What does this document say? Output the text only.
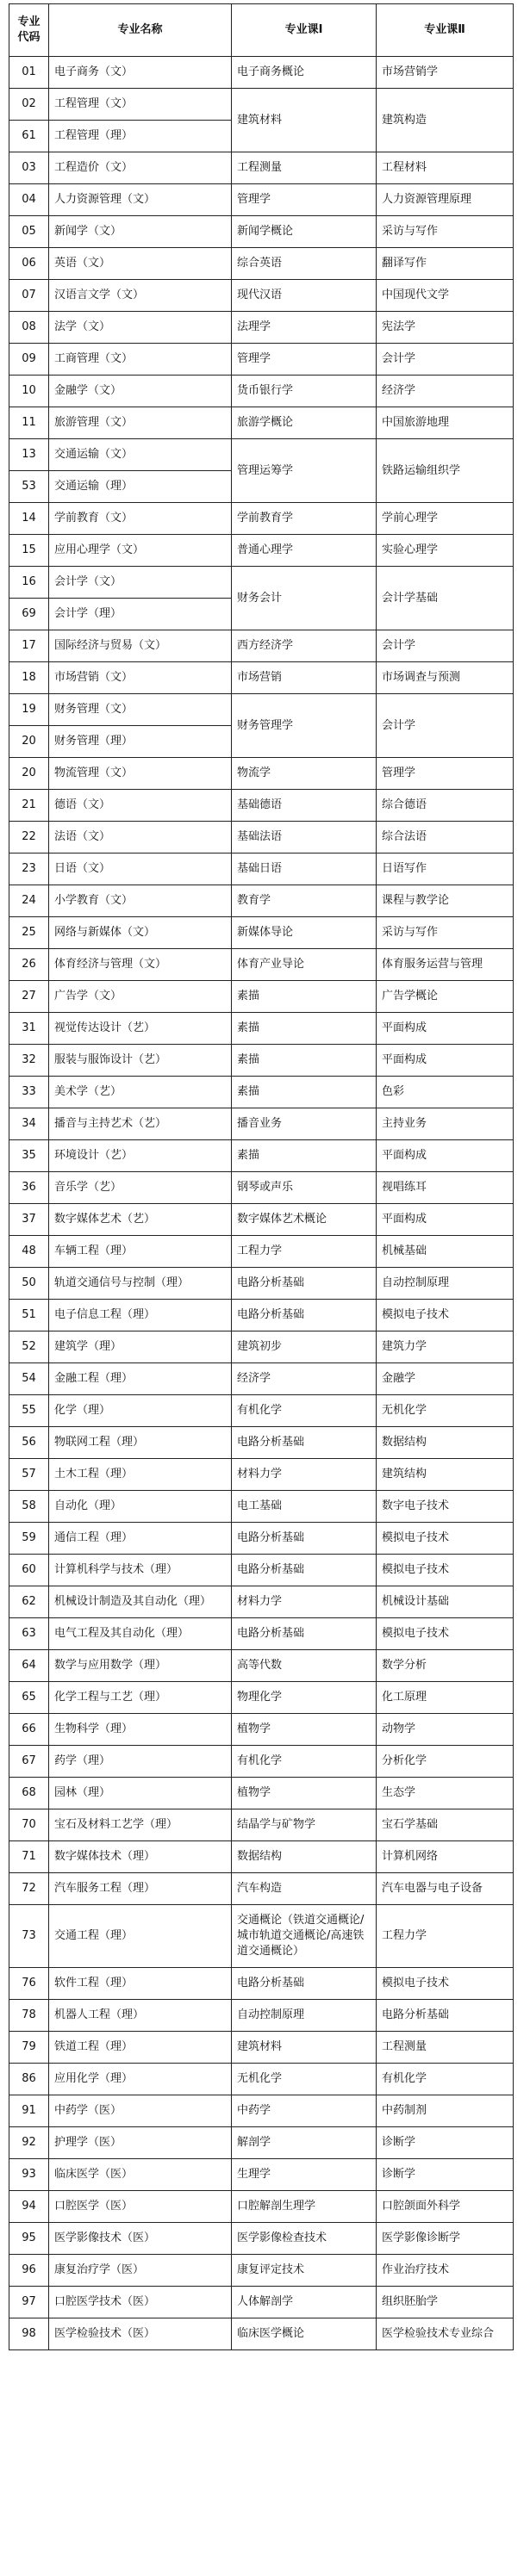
专业代码	专业名称	专业课Ⅰ	专业课Ⅱ
01	电子商务（文）	电子商务概论	市场营销学
02	工程管理（文）	建筑材料	建筑构造
61	工程管理（理）		
03	工程造价（文）	工程测量	工程材料
04	人力资源管理（文）	管理学	人力资源管理原理
05	新闻学（文）	新闻学概论	采访与写作
06	英语（文）	综合英语	翻译写作
07	汉语言文学（文）	现代汉语	中国现代文学
08	法学（文）	法理学	宪法学
09	工商管理（文）	管理学	会计学
10	金融学（文）	货币银行学	经济学
11	旅游管理（文）	旅游学概论	中国旅游地理
13	交通运输（文）	管理运筹学	铁路运输组织学
53	交通运输（理）		
14	学前教育（文）	学前教育学	学前心理学
15	应用心理学（文）	普通心理学	实验心理学
16	会计学（文）	财务会计	会计学基础
69	会计学（理）		
17	国际经济与贸易（文）	西方经济学	会计学
18	市场营销（文）	市场营销	市场调查与预测
19	财务管理（文）	财务管理学	会计学
20	财务管理（理）		
20	物流管理（文）	物流学	管理学
21	德语（文）	基础德语	综合德语
22	法语（文）	基础法语	综合法语
23	日语（文）	基础日语	日语写作
24	小学教育（文）	教育学	课程与教学论
25	网络与新媒体（文）	新媒体导论	采访与写作
26	体育经济与管理（文）	体育产业导论	体育服务运营与管理
27	广告学（文）	素描	广告学概论
31	视觉传达设计（艺）	素描	平面构成
32	服装与服饰设计（艺）	素描	平面构成
33	美术学（艺）	素描	色彩
34	播音与主持艺术（艺）	播音业务	主持业务
35	环境设计（艺）	素描	平面构成
36	音乐学（艺）	钢琴或声乐	视唱练耳
37	数字媒体艺术（艺）	数字媒体艺术概论	平面构成
48	车辆工程（理）	工程力学	机械基础
50	轨道交通信号与控制（理）	电路分析基础	自动控制原理
51	电子信息工程（理）	电路分析基础	模拟电子技术
52	建筑学（理）	建筑初步	建筑力学
54	金融工程（理）	经济学	金融学
55	化学（理）	有机化学	无机化学
56	物联网工程（理）	电路分析基础	数据结构
57	土木工程（理）	材料力学	建筑结构
58	自动化（理）	电工基础	数字电子技术
59	通信工程（理）	电路分析基础	模拟电子技术
60	计算机科学与技术（理）	电路分析基础	模拟电子技术
62	机械设计制造及其自动化（理）	材料力学	机械设计基础
63	电气工程及其自动化（理）	电路分析基础	模拟电子技术
64	数学与应用数学（理）	高等代数	数学分析
65	化学工程与工艺（理）	物理化学	化工原理
66	生物科学（理）	植物学	动物学
67	药学（理）	有机化学	分析化学
68	园林（理）	植物学	生态学
70	宝石及材料工艺学（理）	结晶学与矿物学	宝石学基础
71	数字媒体技术（理）	数据结构	计算机网络
72	汽车服务工程（理）	汽车构造	汽车电器与电子设备
73	交通工程（理）	交通概论（铁道交通概论/城市轨道交通概论/高速铁道交通概论）	工程力学
76	软件工程（理）	电路分析基础	模拟电子技术
78	机器人工程（理）	自动控制原理	电路分析基础
79	铁道工程（理）	建筑材料	工程测量
86	应用化学（理）	无机化学	有机化学
91	中药学（医）	中药学	中药制剂
92	护理学（医）	解剖学	诊断学
93	临床医学（医）	生理学	诊断学
94	口腔医学（医）	口腔解剖生理学	口腔颌面外科学
95	医学影像技术（医）	医学影像检查技术	医学影像诊断学
96	康复治疗学（医）	康复评定技术	作业治疗技术
97	口腔医学技术（医）	人体解剖学	组织胚胎学
98	医学检验技术（医）	临床医学概论	医学检验技术专业综合
